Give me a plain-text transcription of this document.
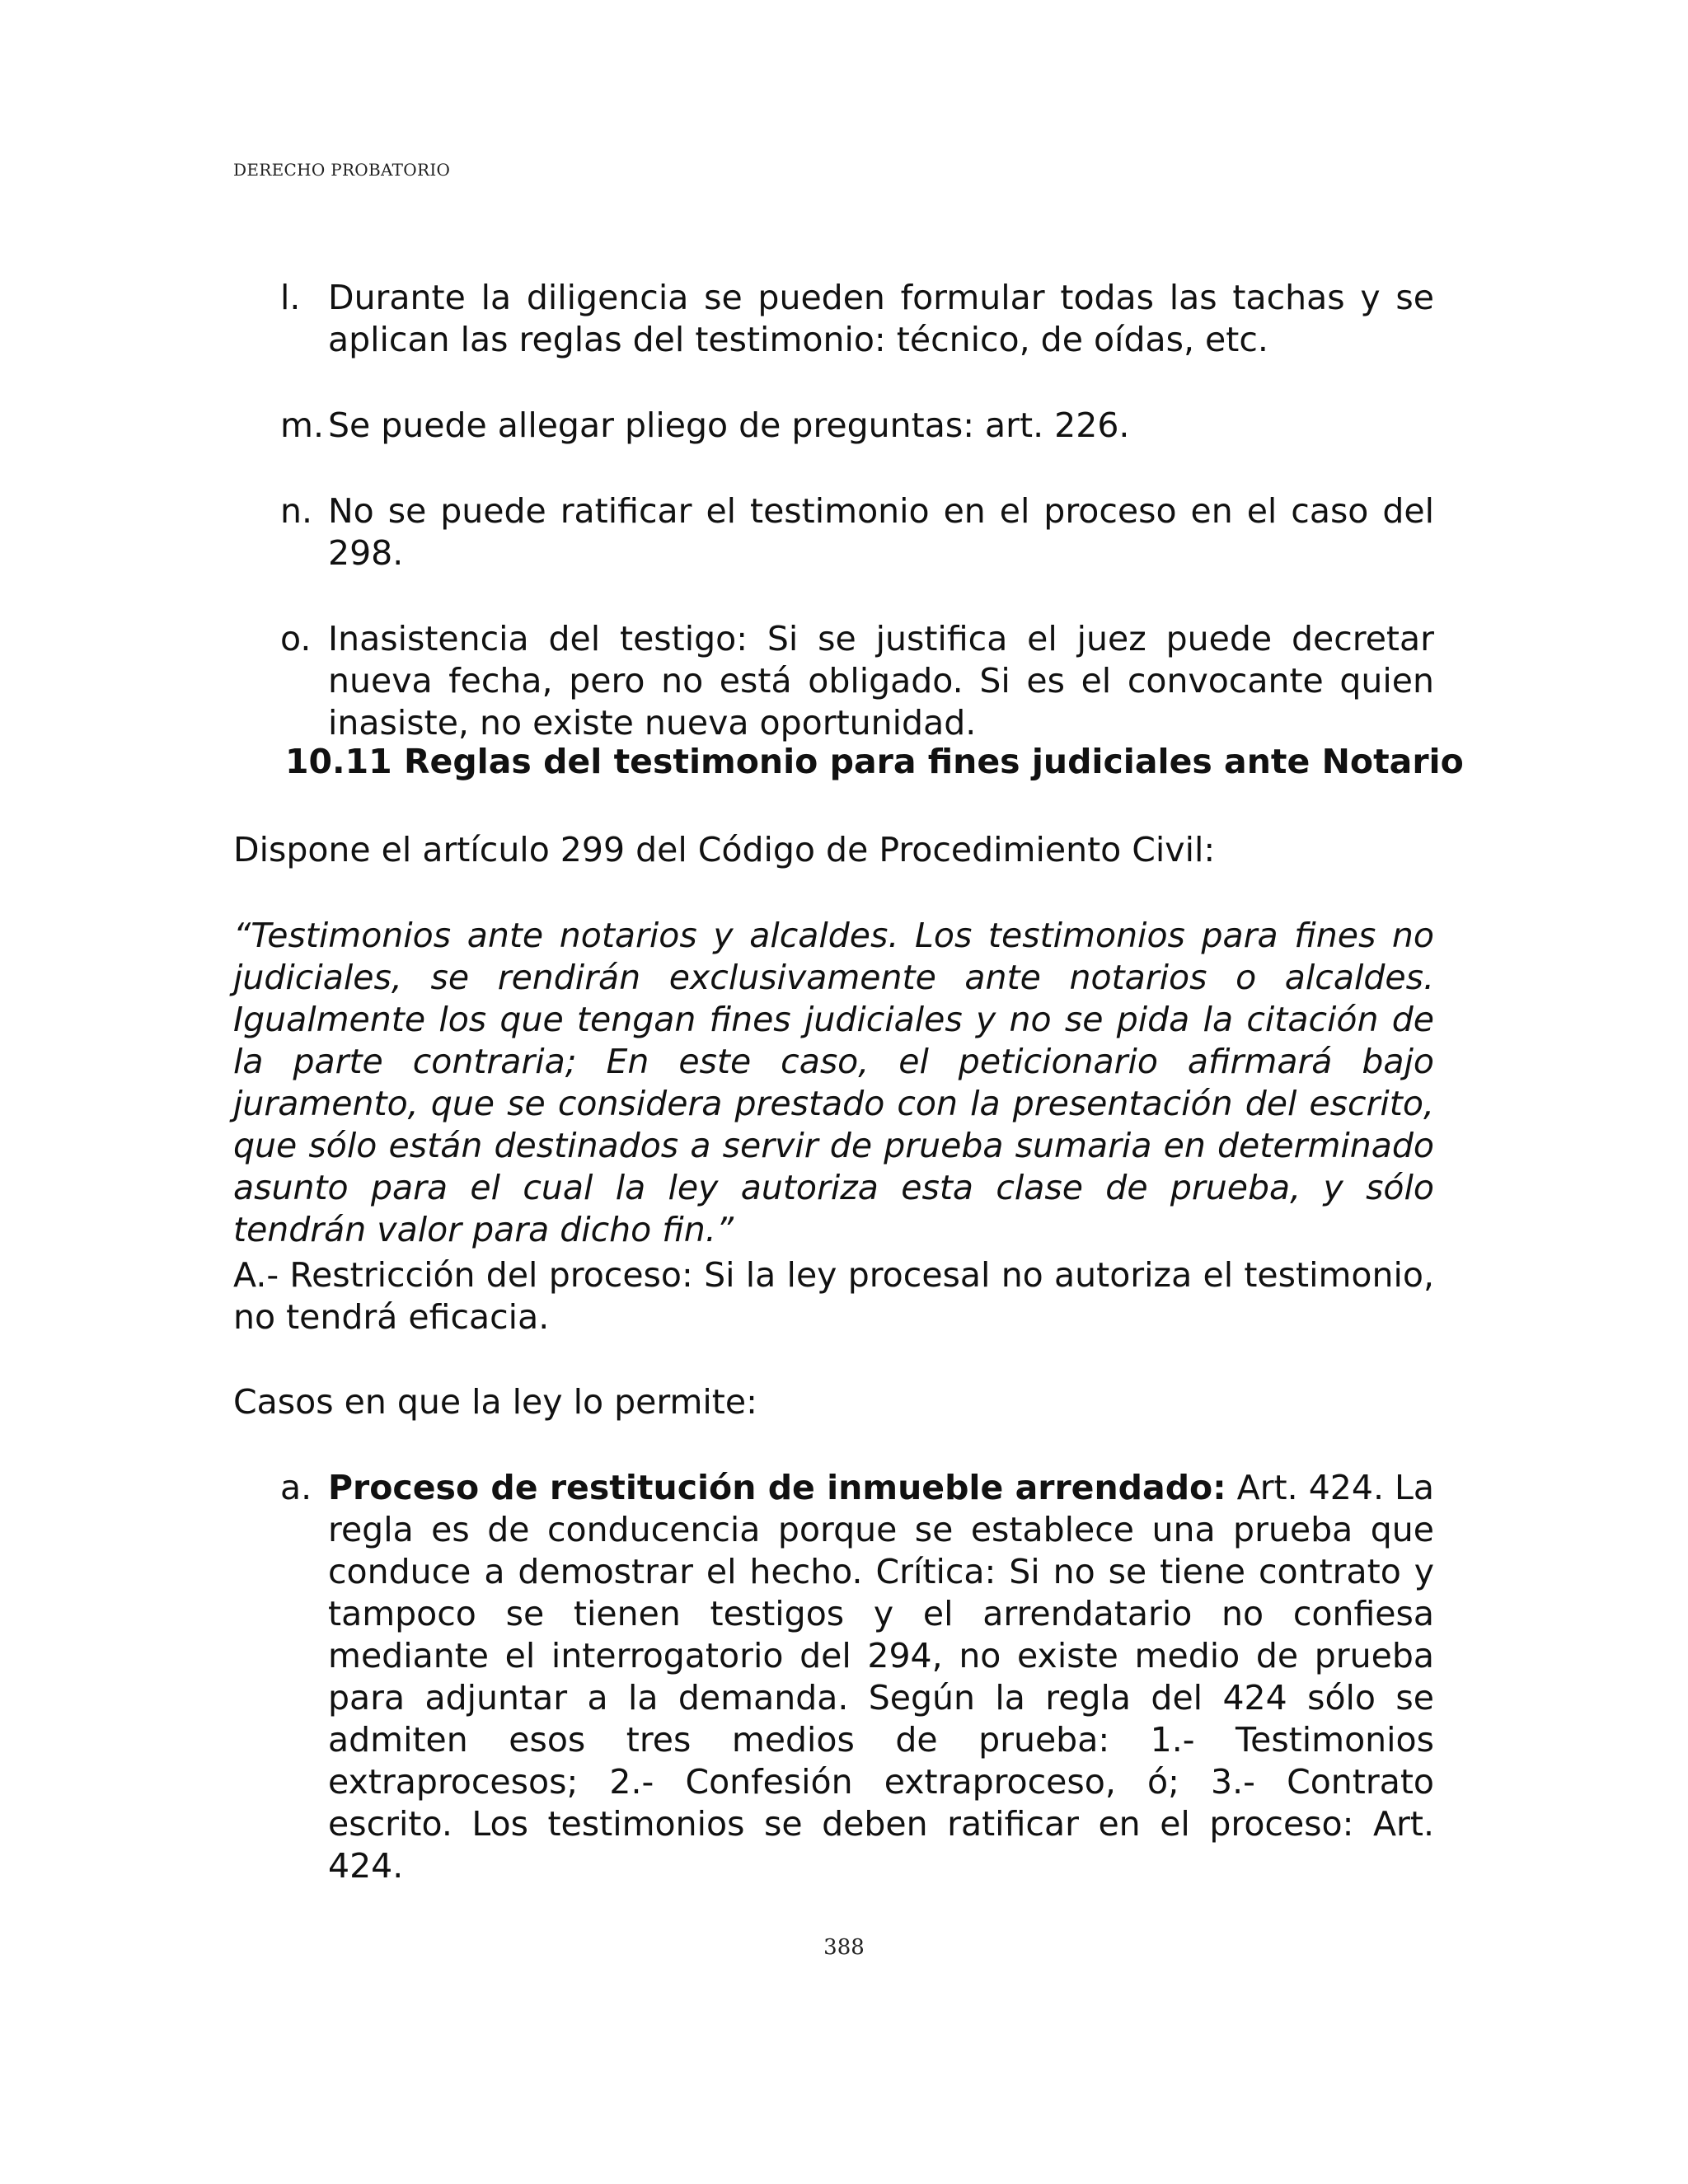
DERECHO PROBATORIO
l. Durante la diligencia se pueden formular todas las tachas y se aplican las reglas del testimonio: técnico, de oídas, etc.
m. Se puede allegar pliego de preguntas: art. 226.
n. No se puede ratificar el testimonio en el proceso en el caso del 298.
o. Inasistencia del testigo: Si se justifica el juez puede decretar nueva fecha, pero no está obligado. Si es el convocante quien inasiste, no existe nueva oportunidad.
10.11 Reglas del testimonio para fines judiciales ante Notario
Dispone el artículo 299 del Código de Procedimiento Civil:
“Testimonios ante notarios y alcaldes. Los testimonios para fines no judiciales, se rendirán exclusivamente ante notarios o alcaldes. Igualmente los que tengan fines judiciales y no se pida la citación de la parte contraria; En este caso, el peticionario afirmará bajo juramento, que se considera prestado con la presentación del escrito, que sólo están destinados a servir de prueba sumaria en determinado asunto para el cual la ley autoriza esta clase de prueba, y sólo tendrán valor para dicho fin.”
A.- Restricción del proceso: Si la ley procesal no autoriza el testimonio, no tendrá eficacia.
Casos en que la ley lo permite:
a. Proceso de restitución de inmueble arrendado: Art. 424. La regla es de conducencia porque se establece una prueba que conduce a demostrar el hecho. Crítica: Si no se tiene contrato y tampoco se tienen testigos y el arrendatario no confiesa mediante el interrogatorio del 294, no existe medio de prueba para adjuntar a la demanda. Según la regla del 424 sólo se admiten esos tres medios de prueba: 1.- Testimonios extraprocesos; 2.- Confesión extraproceso, ó; 3.- Contrato escrito. Los testimonios se deben ratificar en el proceso: Art. 424.
388
